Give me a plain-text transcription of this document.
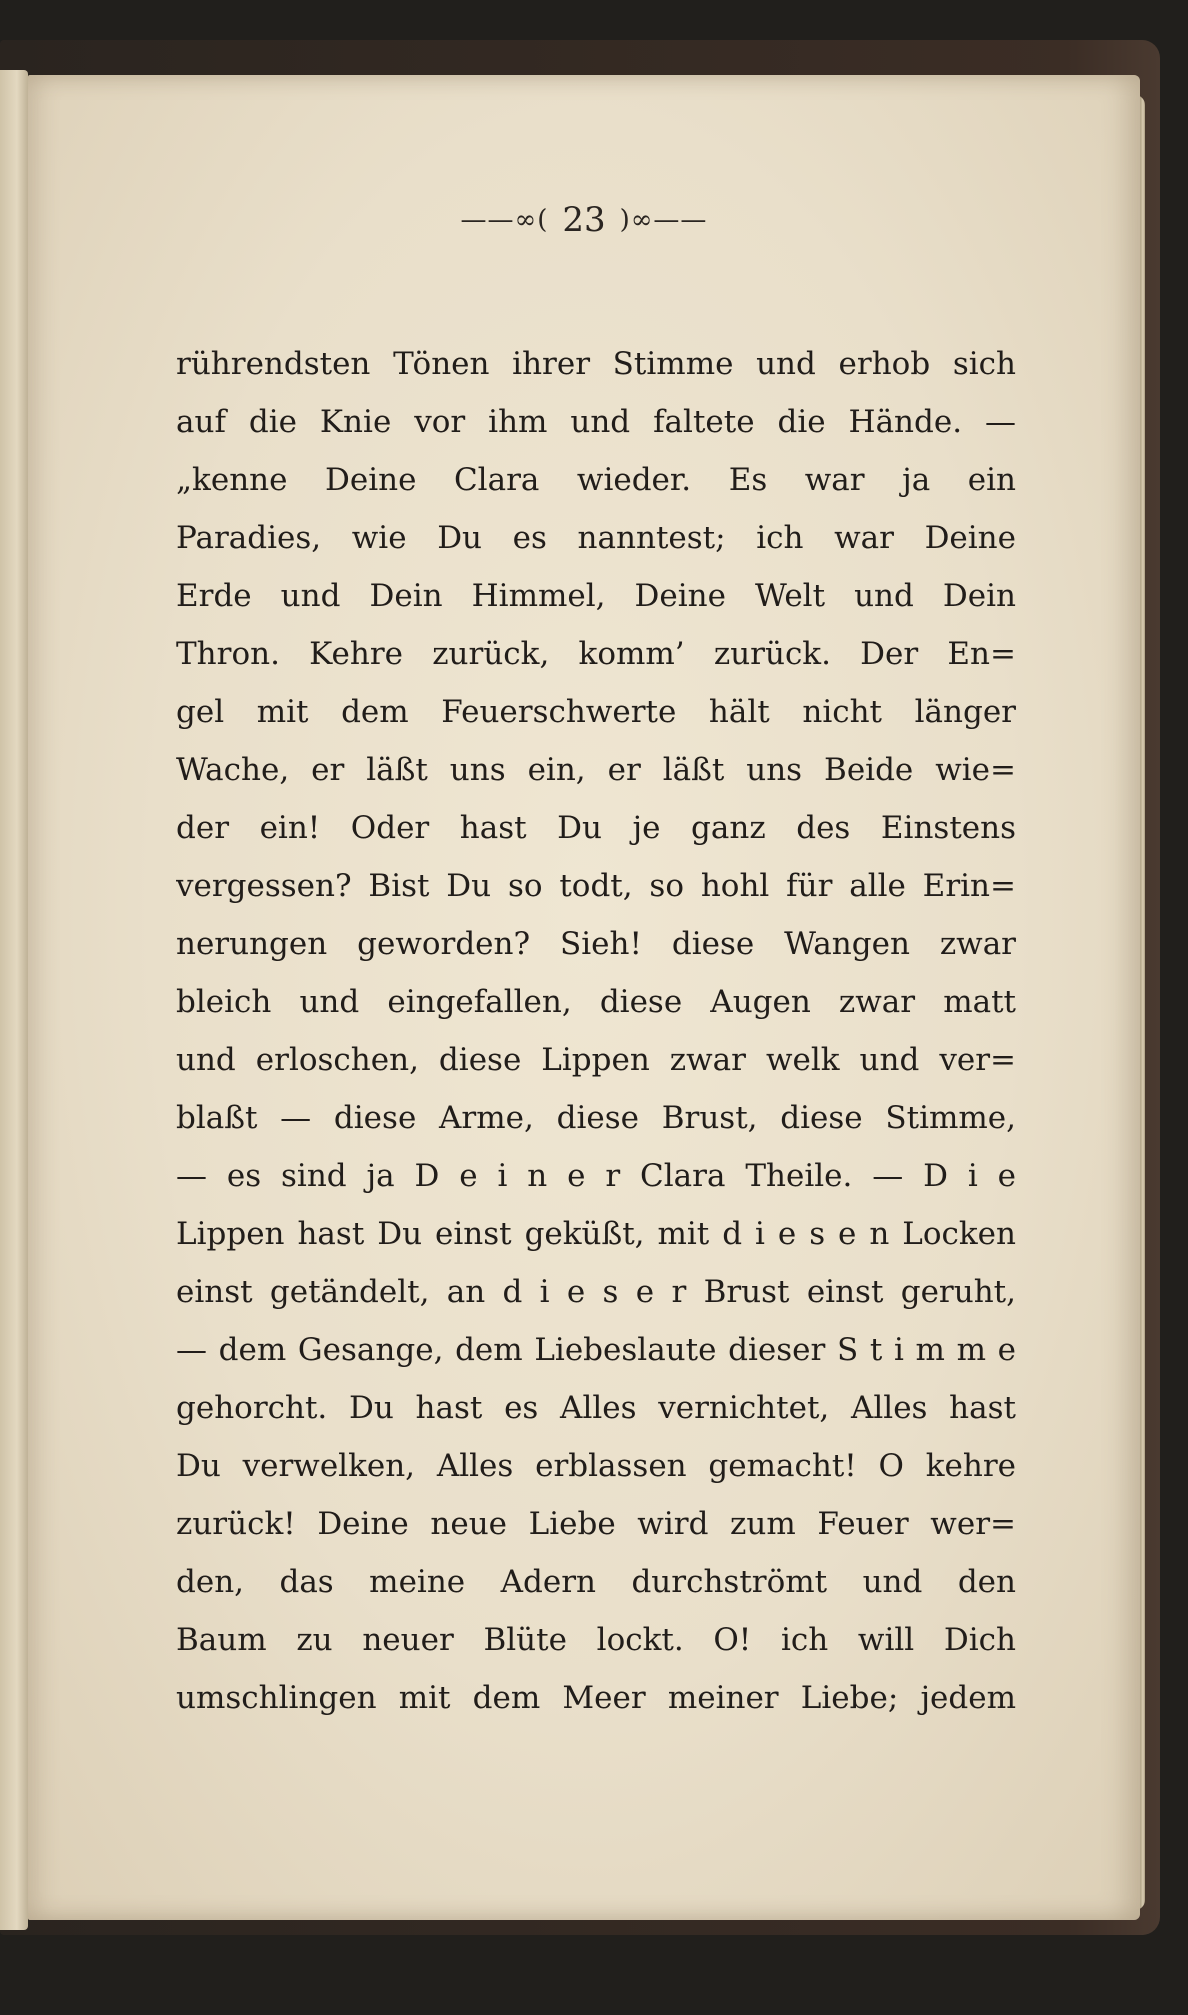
——∞( 23 )∞——
rührendsten Tönen ihrer Stimme und erhob sich
auf die Knie vor ihm und faltete die Hände. —
„kenne Deine Clara wieder. Es war ja ein
Paradies, wie Du es nanntest; ich war Deine
Erde und Dein Himmel, Deine Welt und Dein
Thron. Kehre zurück, komm’ zurück. Der En=
gel mit dem Feuerschwerte hält nicht länger
Wache, er läßt uns ein, er läßt uns Beide wie=
der ein! Oder hast Du je ganz des Einstens
vergessen? Bist Du so todt, so hohl für alle Erin=
nerungen geworden? Sieh! diese Wangen zwar
bleich und eingefallen, diese Augen zwar matt
und erloschen, diese Lippen zwar welk und ver=
blaßt — diese Arme, diese Brust, diese Stimme,
— es sind ja D e i n e r Clara Theile. — D i e
Lippen hast Du einst geküßt, mit d i e s e n Locken
einst getändelt, an d i e s e r Brust einst geruht,
— dem Gesange, dem Liebeslaute dieser S t i m m e
gehorcht. Du hast es Alles vernichtet, Alles hast
Du verwelken, Alles erblassen gemacht! O kehre
zurück! Deine neue Liebe wird zum Feuer wer=
den, das meine Adern durchströmt und den
Baum zu neuer Blüte lockt. O! ich will Dich
umschlingen mit dem Meer meiner Liebe; jedem
